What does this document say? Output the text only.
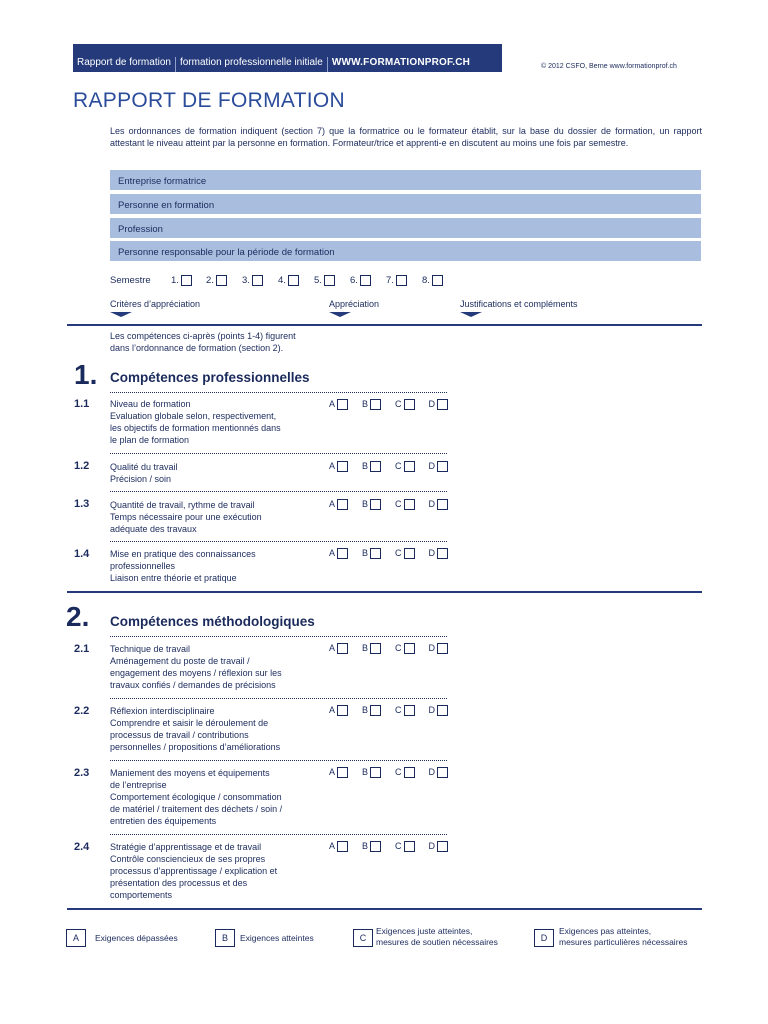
Rapport de formation formation professionnelle initiale WWW.FORMATIONPROF.CH	© 2012 CSFO, Berne www.formationprof.ch
RAPPORT DE FORMATION
Les ordonnances de formation indiquent (section 7) que la formatrice ou le formateur établit, sur la base du dossier de formation, un rapport attestant le niveau atteint par la personne en formation. Formateur/trice et apprenti-e en discutent au moins une fois par semestre.
Entreprise formatrice
Personne en formation
Profession
Personne responsable pour la période de formation
Semestre 1.	2.	3.	4.	5.	6.	7.	8.
Critères d’appréciation	Appréciation	Justifications et compléments
Les compétences ci-après (points 1-4) figurent
dans l’ordonnance de formation (section 2).
1. Compétences professionnelles
1.1 Niveau de formation
Evaluation globale selon, respectivement,
les objectifs de formation mentionnés dans
le plan de formation
A	B	C	D
1.2 Qualité du travail
Précision / soin
A	B	C	D
1.3 Quantité de travail, rythme de travail
Temps nécessaire pour une exécution
adéquate des travaux
A	B	C	D
1.4 Mise en pratique des connaissances
professionnelles
Liaison entre théorie et pratique
A	B	C	D
2. Compétences méthodologiques
2.1 Technique de travail
Aménagement du poste de travail /
engagement des moyens / réflexion sur les
travaux confiés / demandes de précisions
A	B	C	D
2.2 Réflexion interdisciplinaire
Comprendre et saisir le déroulement de
processus de travail / contributions
personnelles / propositions d’améliorations
A	B	C	D
2.3 Maniement des moyens et équipements
de l’entreprise
Comportement écologique / consommation
de matériel / traitement des déchets / soin /
entretien des équipements
A	B	C	D
2.4 Stratégie d’apprentissage et de travail
Contrôle consciencieux de ses propres
processus d’apprentissage / explication et
présentation des processus et des
comportements
A	B	C	D
A	Exigences dépassées	B	Exigences atteintes	C
Exigences juste atteintes,
mesures de soutien nécessaires	D
Exigences pas atteintes,
mesures particulières nécessaires
